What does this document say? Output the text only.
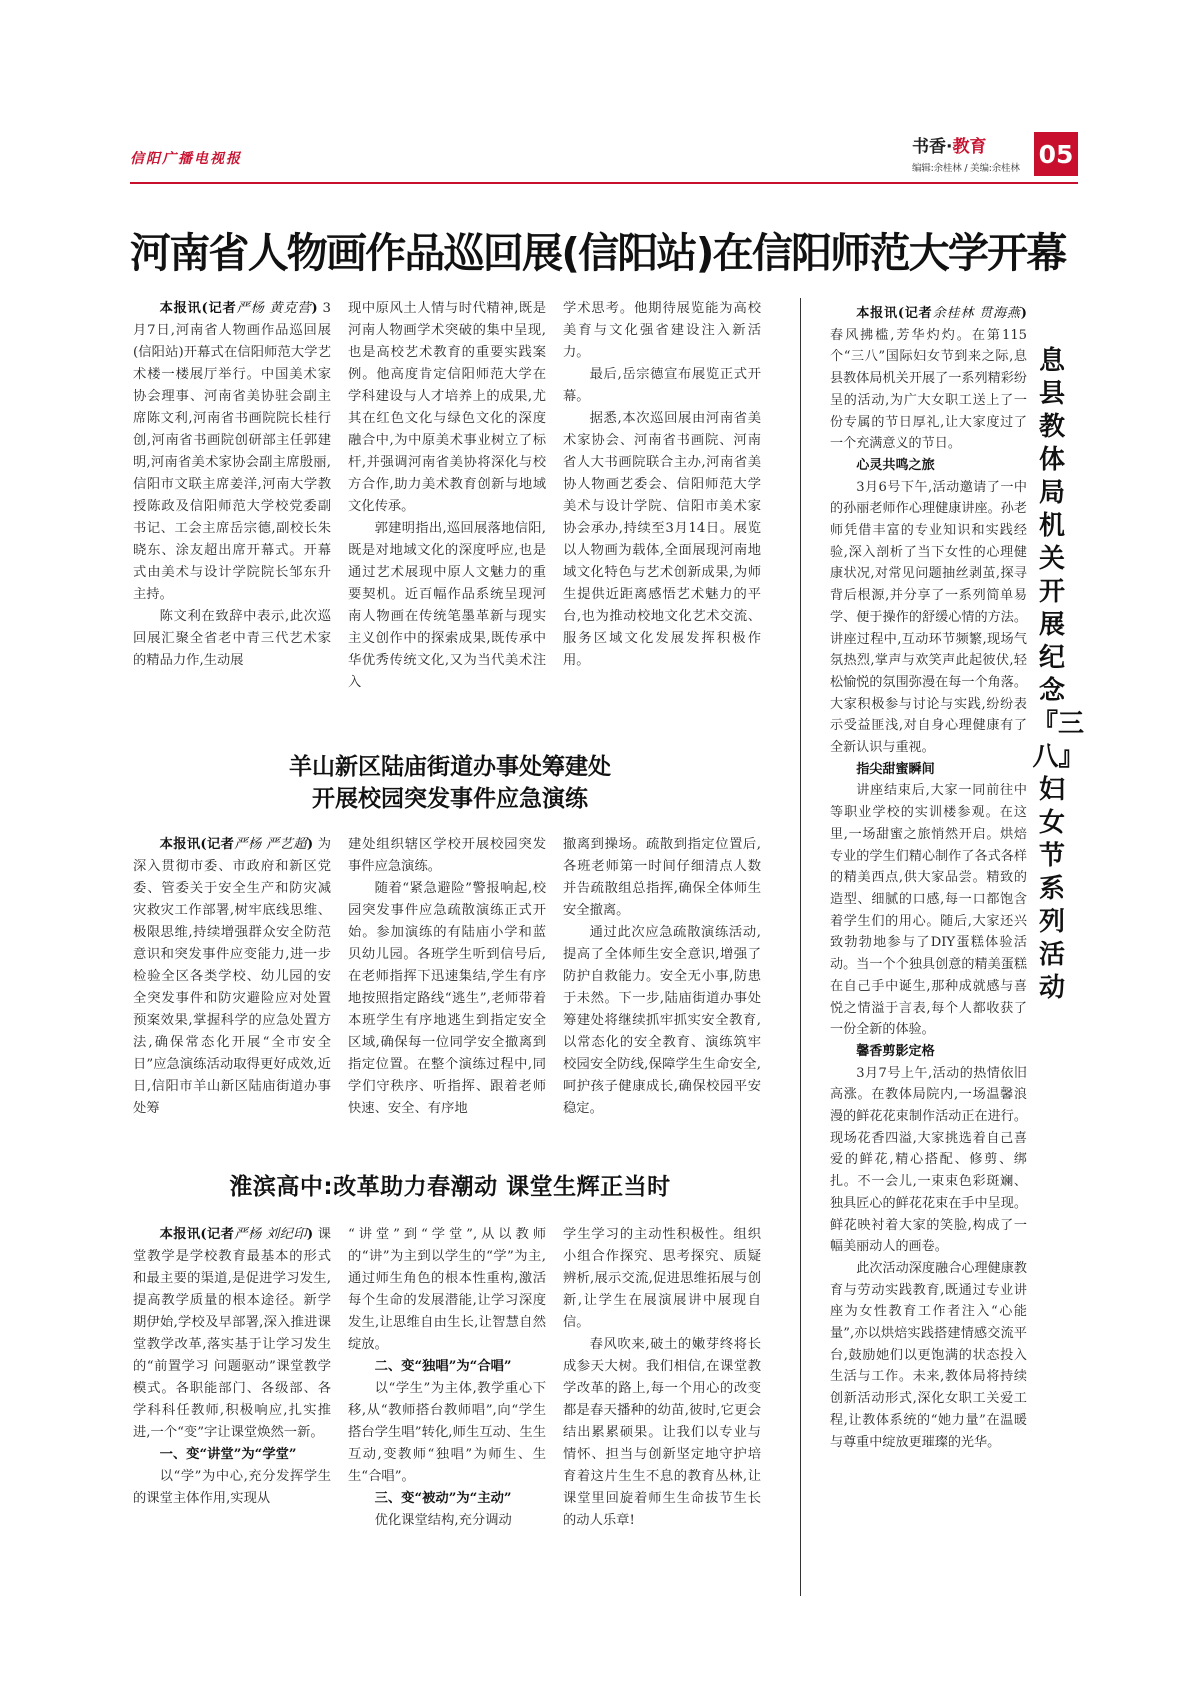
信阳广播电视报
书香·教育
编辑:余桂林 / 美编:余桂林 05
河南省人物画作品巡回展(信阳站)在信阳师范大学开幕

本报讯(记者严杨 黄克营) 3月7日,河南省人物画作品巡回展(信阳站)开幕式在信阳师范大学艺术楼一楼展厅举行。中国美术家协会理事、河南省美协驻会副主席陈文利,河南省书画院院长桂行创,河南省书画院创研部主任郭建明,河南省美术家协会副主席殷丽,信阳市文联主席姜洋,河南大学教授陈政及信阳师范大学校党委副书记、工会主席岳宗德,副校长朱晓东、涂友超出席开幕式。开幕式由美术与设计学院院长邹东升主持。

陈文利在致辞中表示,此次巡回展汇聚全省老中青三代艺术家的精品力作,生动展

现中原风土人情与时代精神,既是河南人物画学术突破的集中呈现,也是高校艺术教育的重要实践案例。他高度肯定信阳师范大学在学科建设与人才培养上的成果,尤其在红色文化与绿色文化的深度融合中,为中原美术事业树立了标杆,并强调河南省美协将深化与校方合作,助力美术教育创新与地域文化传承。

郭建明指出,巡回展落地信阳,既是对地域文化的深度呼应,也是通过艺术展现中原人文魅力的重要契机。近百幅作品系统呈现河南人物画在传统笔墨革新与现实主义创作中的探索成果,既传承中华优秀传统文化,又为当代美术注入

学术思考。他期待展览能为高校美育与文化强省建设注入新活力。

最后,岳宗德宣布展览正式开幕。

据悉,本次巡回展由河南省美术家协会、河南省书画院、河南省人大书画院联合主办,河南省美协人物画艺委会、信阳师范大学美术与设计学院、信阳市美术家协会承办,持续至3月14日。展览以人物画为载体,全面展现河南地域文化特色与艺术创新成果,为师生提供近距离感悟艺术魅力的平台,也为推动校地文化艺术交流、服务区域文化发展发挥积极作用。

羊山新区陆庙街道办事处筹建处
开展校园突发事件应急演练

本报讯(记者严杨 严艺超) 为深入贯彻市委、市政府和新区党委、管委关于安全生产和防灾减灾救灾工作部署,树牢底线思维、极限思维,持续增强群众安全防范意识和突发事件应变能力,进一步检验全区各类学校、幼儿园的安全突发事件和防灾避险应对处置预案效果,掌握科学的应急处置方法,确保常态化开展“全市安全日”应急演练活动取得更好成效,近日,信阳市羊山新区陆庙街道办事处筹

建处组织辖区学校开展校园突发事件应急演练。

随着“紧急避险”警报响起,校园突发事件应急疏散演练正式开始。参加演练的有陆庙小学和蓝贝幼儿园。各班学生听到信号后,在老师指挥下迅速集结,学生有序地按照指定路线“逃生”,老师带着本班学生有序地逃生到指定安全区域,确保每一位同学安全撤离到指定位置。在整个演练过程中,同学们守秩序、听指挥、跟着老师快速、安全、有序地

撤离到操场。疏散到指定位置后,各班老师第一时间仔细清点人数并告疏散组总指挥,确保全体师生安全撤离。

通过此次应急疏散演练活动,提高了全体师生安全意识,增强了防护自救能力。安全无小事,防患于未然。下一步,陆庙街道办事处筹建处将继续抓牢抓实安全教育,以常态化的安全教育、演练筑牢校园安全防线,保障学生生命安全,呵护孩子健康成长,确保校园平安稳定。

淮滨高中:改革助力春潮动 课堂生辉正当时

本报讯(记者严杨 刘纪印) 课堂教学是学校教育最基本的形式和最主要的渠道,是促进学习发生,提高教学质量的根本途径。新学期伊始,学校及早部署,深入推进课堂教学改革,落实基于让学习发生的“前置学习 问题驱动”课堂教学模式。各职能部门、各级部、各学科科任教师,积极响应,扎实推进,一个“变”字让课堂焕然一新。

一、变“讲堂”为“学堂”

以“学”为中心,充分发挥学生的课堂主体作用,实现从

“讲堂”到“学堂”,从以教师的“讲”为主到以学生的“学”为主,通过师生角色的根本性重构,激活每个生命的发展潜能,让学习深度发生,让思维自由生长,让智慧自然绽放。

二、变“独唱”为“合唱”

以“学生”为主体,教学重心下移,从“教师搭台教师唱”,向“学生搭台学生唱”转化,师生互动、生生互动,变教师“独唱”为师生、生生“合唱”。

三、变“被动”为“主动”

优化课堂结构,充分调动

学生学习的主动性积极性。组织小组合作探究、思考探究、质疑辨析,展示交流,促进思维拓展与创新,让学生在展演展讲中展现自信。

春风吹来,破土的嫩芽终将长成参天大树。我们相信,在课堂教学改革的路上,每一个用心的改变都是春天播种的幼苗,彼时,它更会结出累累硕果。让我们以专业与情怀、担当与创新坚定地守护培育着这片生生不息的教育丛林,让课堂里回旋着师生生命拔节生长的动人乐章!

息县教体局机关开展纪念『三八』妇女节系列活动

本报讯(记者余桂林 贯海燕) 春风拂槛,芳华灼灼。在第115个“三八”国际妇女节到来之际,息县教体局机关开展了一系列精彩纷呈的活动,为广大女职工送上了一份专属的节日厚礼,让大家度过了一个充满意义的节日。

心灵共鸣之旅

3月6号下午,活动邀请了一中的孙丽老师作心理健康讲座。孙老师凭借丰富的专业知识和实践经验,深入剖析了当下女性的心理健康状况,对常见问题抽丝剥茧,探寻背后根源,并分享了一系列简单易学、便于操作的舒缓心情的方法。讲座过程中,互动环节频繁,现场气氛热烈,掌声与欢笑声此起彼伏,轻松愉悦的氛围弥漫在每一个角落。大家积极参与讨论与实践,纷纷表示受益匪浅,对自身心理健康有了全新认识与重视。

指尖甜蜜瞬间

讲座结束后,大家一同前往中等职业学校的实训楼参观。在这里,一场甜蜜之旅悄然开启。烘焙专业的学生们精心制作了各式各样的精美西点,供大家品尝。精致的造型、细腻的口感,每一口都饱含着学生们的用心。随后,大家还兴致勃勃地参与了DIY蛋糕体验活动。当一个个独具创意的精美蛋糕在自己手中诞生,那种成就感与喜悦之情溢于言表,每个人都收获了一份全新的体验。

馨香剪影定格

3月7号上午,活动的热情依旧高涨。在教体局院内,一场温馨浪漫的鲜花花束制作活动正在进行。现场花香四溢,大家挑选着自己喜爱的鲜花,精心搭配、修剪、绑扎。不一会儿,一束束色彩斑斓、独具匠心的鲜花花束在手中呈现。鲜花映衬着大家的笑脸,构成了一幅美丽动人的画卷。

此次活动深度融合心理健康教育与劳动实践教育,既通过专业讲座为女性教育工作者注入“心能量”,亦以烘焙实践搭建情感交流平台,鼓励她们以更饱满的状态投入生活与工作。未来,教体局将持续创新活动形式,深化女职工关爱工程,让教体系统的“她力量”在温暖与尊重中绽放更璀璨的光华。
